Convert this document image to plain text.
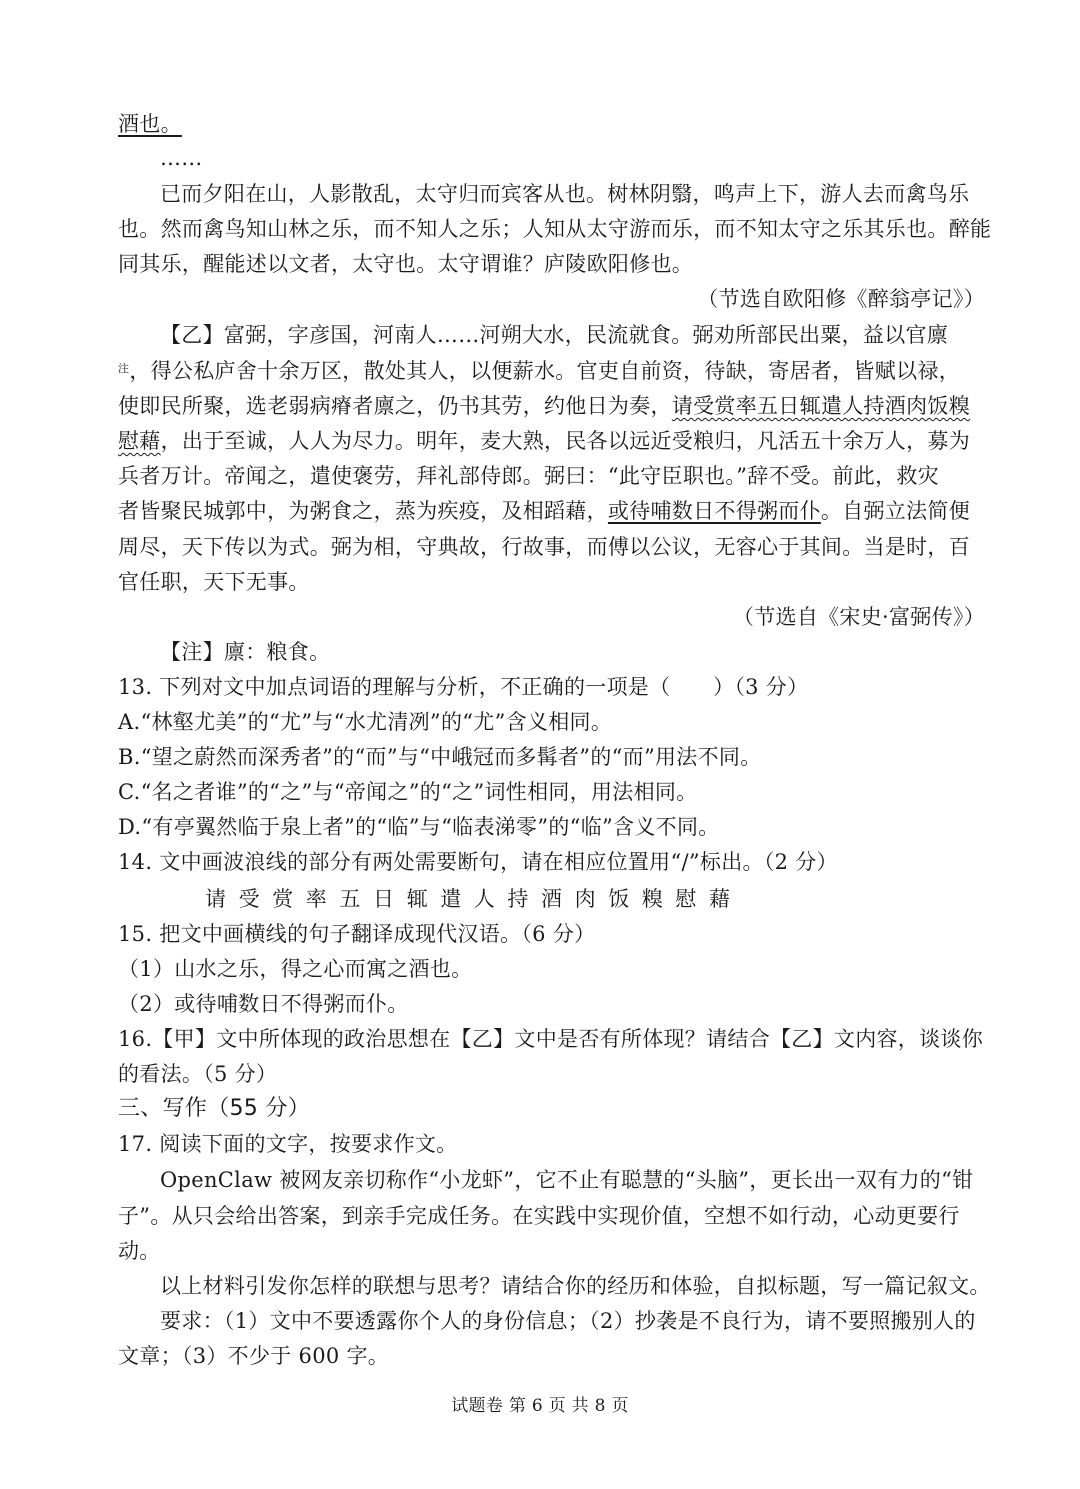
酒也。
……
已而夕阳在山，人影散乱，太守归而宾客从也。树林阴翳，鸣声上下，游人去而禽鸟乐
也。然而禽鸟知山林之乐，而不知人之乐；人知从太守游而乐，而不知太守之乐其乐也。醉能
同其乐，醒能述以文者，太守也。太守谓谁？庐陵欧阳修也。
（节选自欧阳修《醉翁亭记》）
【乙】富弼，字彦国，河南人……河朔大水，民流就食。弼劝所部民出粟，益以官廪
$^注$，得公私庐舍十余万区，散处其人，以便薪水。官吏自前资，待缺，寄居者，皆赋以禄，
使即民所聚，选老弱病瘠者廪之，仍书其劳，约他日为奏，请受赏率五日辄遣人持酒肉饭糗
慰藉，出于至诚，人人为尽力。明年，麦大熟，民各以远近受粮归，凡活五十余万人，募为
兵者万计。帝闻之，遣使褒劳，拜礼部侍郎。弼曰：“此守臣职也。”辞不受。前此，救灾
者皆聚民城郭中，为粥食之，蒸为疾疫，及相蹈藉，或待哺数日不得粥而仆。自弼立法简便
周尽，天下传以为式。弼为相，守典故，行故事，而傅以公议，无容心于其间。当是时，百
官任职，天下无事。
（节选自《宋史·富弼传》）
【注】廪：粮食。
13. 下列对文中加点词语的理解与分析，不正确的一项是（　　）（3 分）
A.“林壑尤美”的“尤”与“水尤清冽”的“尤”含义相同。
B.“望之蔚然而深秀者”的“而”与“中峨冠而多髯者”的“而”用法不同。
C.“名之者谁”的“之”与“帝闻之”的“之”词性相同，用法相同。
D.“有亭翼然临于泉上者”的“临”与“临表涕零”的“临”含义不同。
14. 文中画波浪线的部分有两处需要断句，请在相应位置用“/”标出。（2 分）
请受赏率五日辄遣人持酒肉饭糗慰藉
15. 把文中画横线的句子翻译成现代汉语。（6 分）
（1）山水之乐，得之心而寓之酒也。
（2）或待哺数日不得粥而仆。
16.【甲】文中所体现的政治思想在【乙】文中是否有所体现？请结合【乙】文内容，谈谈你
的看法。（5 分）
三、写作（55 分）
17. 阅读下面的文字，按要求作文。
OpenClaw 被网友亲切称作“小龙虾”，它不止有聪慧的“头脑”，更长出一双有力的“钳
子”。从只会给出答案，到亲手完成任务。在实践中实现价值，空想不如行动，心动更要行
动。
以上材料引发你怎样的联想与思考？请结合你的经历和体验，自拟标题，写一篇记叙文。
要求：（1）文中不要透露你个人的身份信息；（2）抄袭是不良行为，请不要照搬别人的
文章；（3）不少于 600 字。
试题卷 第 6 页 共 8 页
